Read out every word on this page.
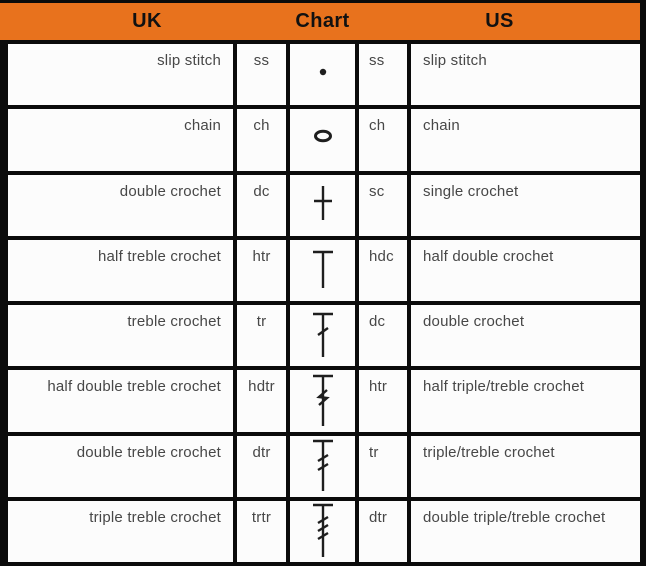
UK	Chart	US
slip stitch	ss	ss	slip stitch
chain	ch	ch	chain
double crochet	dc	sc	single crochet
half treble crochet	htr	hdc	half double crochet
treble crochet	tr	dc	double crochet
half double treble crochet	hdtr	htr	half triple/treble crochet
double treble crochet	dtr	tr	triple/treble crochet
triple treble crochet	trtr	dtr	double triple/treble crochet
